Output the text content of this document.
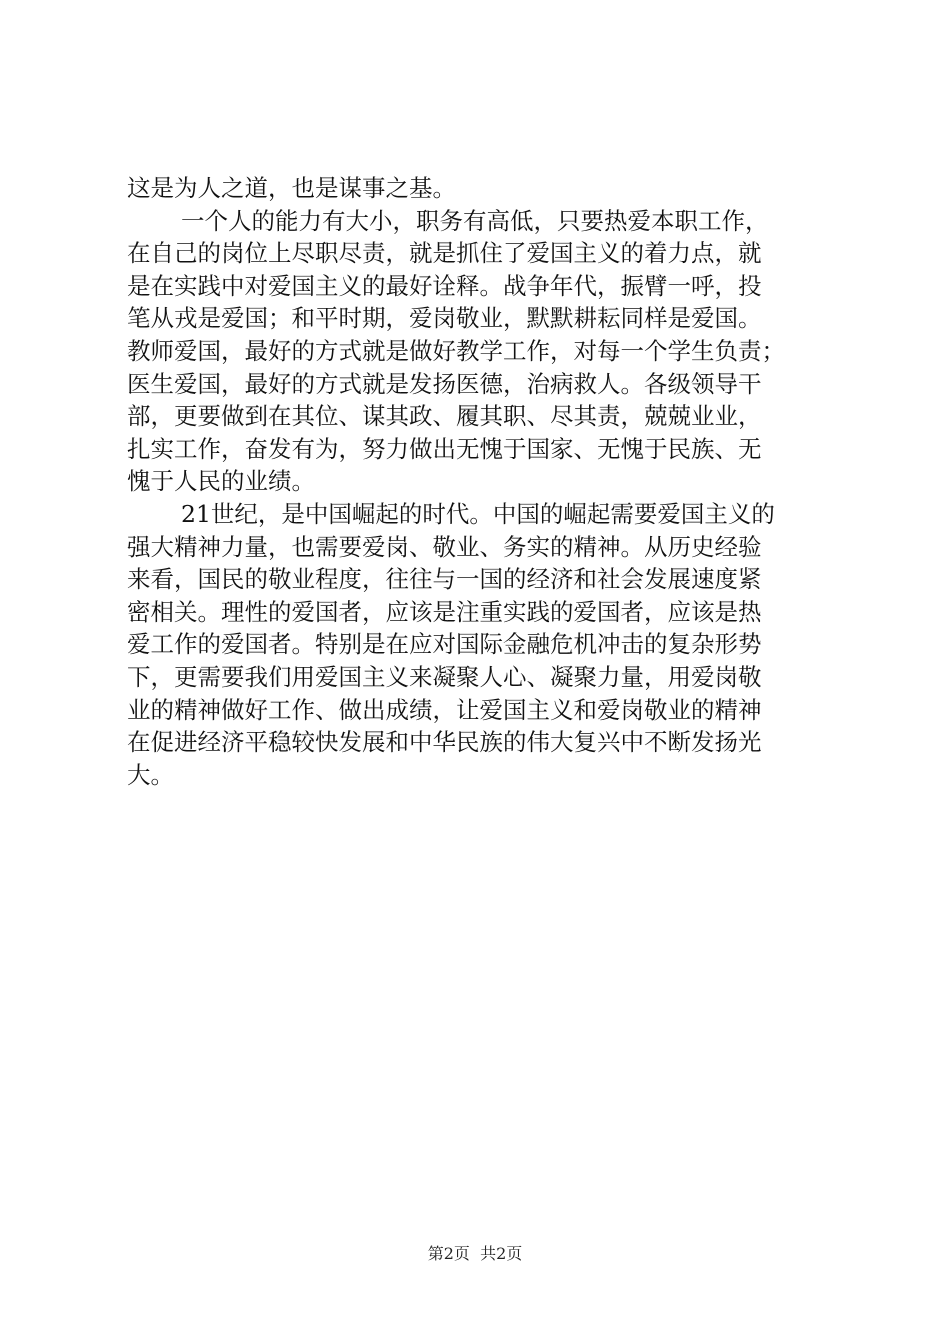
这是为人之道，也是谋事之基。
一个人的能力有大小，职务有高低，只要热爱本职工作，
在自己的岗位上尽职尽责，就是抓住了爱国主义的着力点，就
是在实践中对爱国主义的最好诠释。战争年代，振臂一呼，投
笔从戎是爱国；和平时期，爱岗敬业，默默耕耘同样是爱国。
教师爱国，最好的方式就是做好教学工作，对每一个学生负责；
医生爱国，最好的方式就是发扬医德，治病救人。各级领导干
部，更要做到在其位、谋其政、履其职、尽其责，兢兢业业，
扎实工作，奋发有为，努力做出无愧于国家、无愧于民族、无
愧于人民的业绩。
21世纪，是中国崛起的时代。中国的崛起需要爱国主义的
强大精神力量，也需要爱岗、敬业、务实的精神。从历史经验
来看，国民的敬业程度，往往与一国的经济和社会发展速度紧
密相关。理性的爱国者，应该是注重实践的爱国者，应该是热
爱工作的爱国者。特别是在应对国际金融危机冲击的复杂形势
下，更需要我们用爱国主义来凝聚人心、凝聚力量，用爱岗敬
业的精神做好工作、做出成绩，让爱国主义和爱岗敬业的精神
在促进经济平稳较快发展和中华民族的伟大复兴中不断发扬光
大。
第2页  共2页
